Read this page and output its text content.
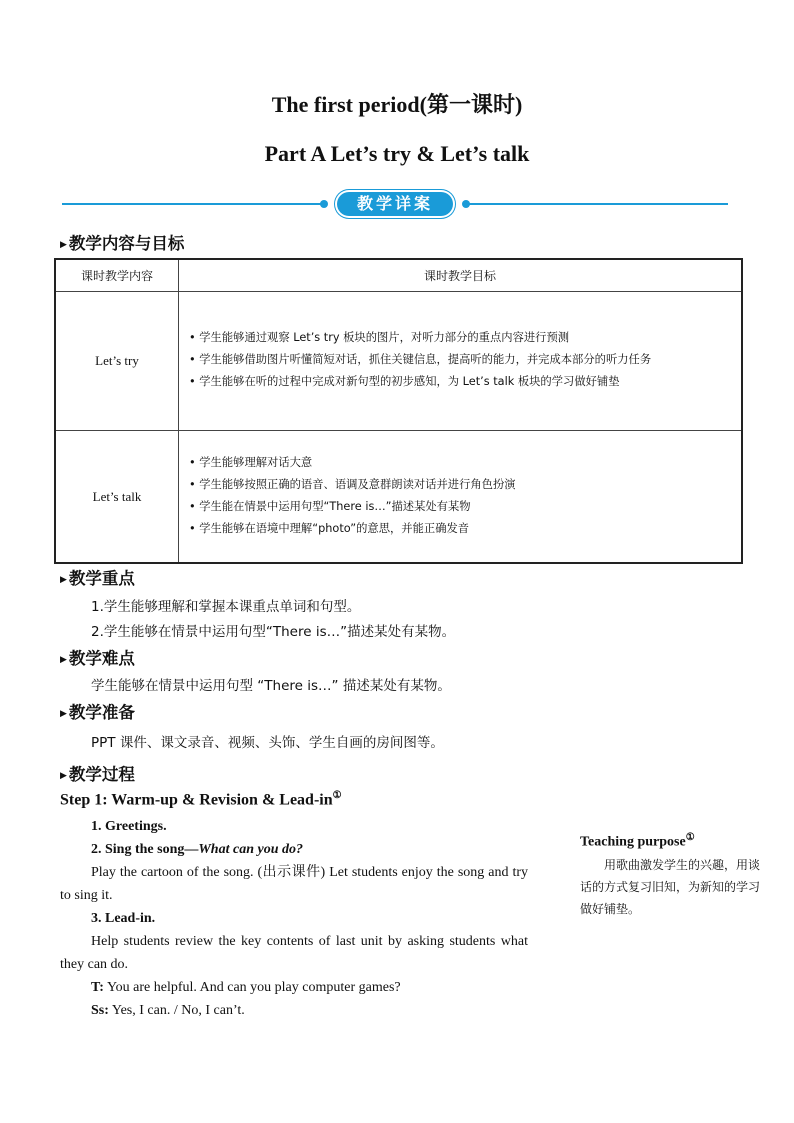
The first period(第一课时)
Part A Let’s try & Let’s talk
教学详案
▶ 教学内容与目标
课时教学内容	课时教学目标
Let’s try	• 学生能够通过观察 Let’s try 板块的图片，对听力部分的重点内容进行预测
• 学生能够借助图片听懂简短对话，抓住关键信息，提高听的能力，并完成本部分的听力任务
• 学生能够在听的过程中完成对新句型的初步感知，为 Let’s talk 板块的学习做好铺垫

Let’s talk	• 学生能够理解对话大意
• 学生能够按照正确的语音、语调及意群朗读对话并进行角色扮演
• 学生能在情景中运用句型“There is…”描述某处有某物
• 学生能够在语境中理解“photo”的意思，并能正确发音
▶ 教学重点
1.学生能够理解和掌握本课重点单词和句型。
2.学生能够在情景中运用句型“There is…”描述某处有某物。
▶ 教学难点
学生能够在情景中运用句型 “There is…” 描述某处有某物。
▶ 教学准备
PPT 课件、课文录音、视频、头饰、学生自画的房间图等。
▶ 教学过程
Step 1: Warm-up & Revision & Lead-in①
1. Greetings.
2. Sing the song—What can you do?
Play the cartoon of the song. (出示课件) Let students enjoy the song and try to sing it.
3. Lead-in.
Help students review the key contents of last unit by asking students what they can do.
T: You are helpful. And can you play computer games?
Ss: Yes, I can. / No, I can’t.
Teaching purpose①
用歌曲激发学生的兴趣，用谈话的方式复习旧知，为新知的学习做好铺垫。
